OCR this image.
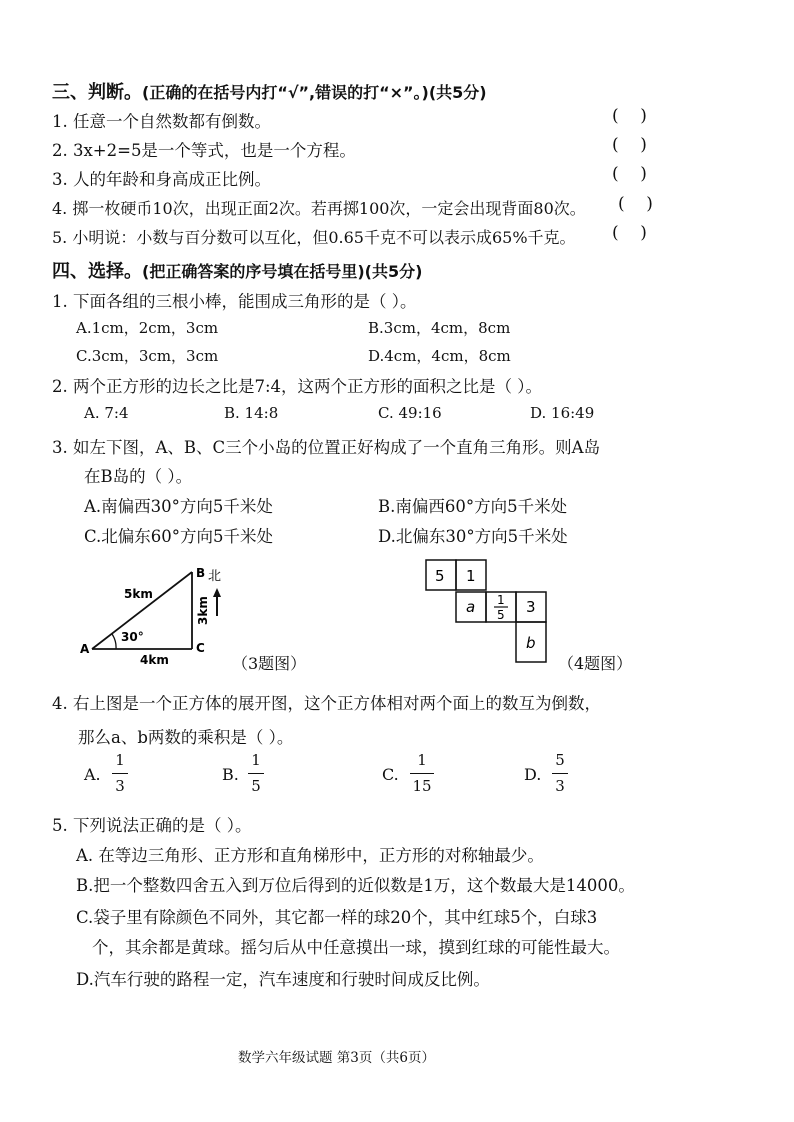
三、判断。(正确的在括号内打“√”,错误的打“×”。)(共5分)
1. 任意一个自然数都有倒数。	(    )
2. 3x+2=5是一个等式，也是一个方程。	(    )
3. 人的年龄和身高成正比例。	(    )
4. 掷一枚硬币10次，出现正面2次。若再掷100次，一定会出现背面80次。 (    )
5. 小明说：小数与百分数可以互化，但0.65千克不可以表示成65%千克。 (    )
四、选择。(把正确答案的序号填在括号里)(共5分)
1. 下面各组的三根小棒，能围成三角形的是（ ）。
A.1cm，2cm，3cm	B.3cm，4cm，8cm
C.3cm，3cm，3cm	D.4cm，4cm，8cm
2. 两个正方形的边长之比是7:4，这两个正方形的面积之比是（ ）。
A. 7:4	B. 14:8	C. 49:16	D. 16:49
3. 如左下图，A、B、C三个小岛的位置正好构成了一个直角三角形。则A岛
在B岛的（ ）。
A.南偏西30°方向5千米处	B.南偏西60°方向5千米处
C.北偏东60°方向5千米处	D.北偏东30°方向5千米处
A
B
C
5km
3km
4km
30°
北
（3题图）
5 1
a 1
5 3
b
（4题图）
4. 右上图是一个正方体的展开图，这个正方体相对两个面上的数互为倒数，
那么a、b两数的乘积是（ ）。
A.
1
3
B.
1
5
C.
1
15
D.
5
3
5. 下列说法正确的是（ ）。
A. 在等边三角形、正方形和直角梯形中，正方形的对称轴最少。
B.把一个整数四舍五入到万位后得到的近似数是1万，这个数最大是14000。
C.袋子里有除颜色不同外，其它都一样的球20个，其中红球5个，白球3
个，其余都是黄球。摇匀后从中任意摸出一球，摸到红球的可能性最大。
D.汽车行驶的路程一定，汽车速度和行驶时间成反比例。
数学六年级试题 第3页（共6页）
